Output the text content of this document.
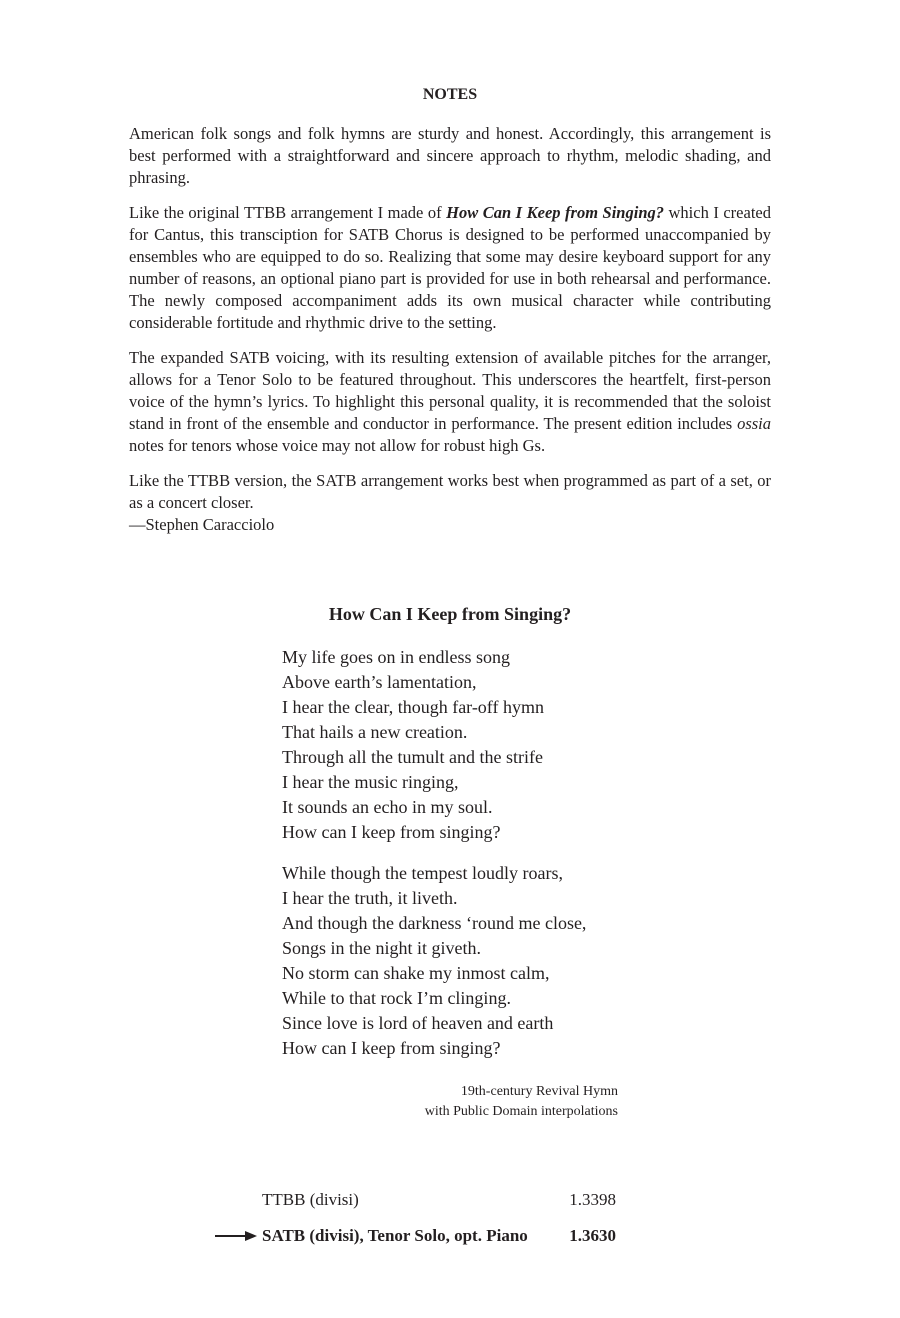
NOTES

American folk songs and folk hymns are sturdy and honest. Accordingly, this arrangement is best performed with a straightforward and sincere approach to rhythm, melodic shading, and phrasing.

Like the original TTBB arrangement I made of How Can I Keep from Singing? which I created for Cantus, this transciption for SATB Chorus is designed to be performed unaccompanied by ensembles who are equipped to do so. Realizing that some may desire keyboard support for any number of reasons, an optional piano part is provided for use in both rehearsal and performance. The newly composed accompaniment adds its own musical character while contributing considerable fortitude and rhythmic drive to the setting.

The expanded SATB voicing, with its resulting extension of available pitches for the arranger, allows for a Tenor Solo to be featured throughout. This underscores the heartfelt, first-person voice of the hymn’s lyrics. To highlight this personal quality, it is recommended that the soloist stand in front of the ensemble and conductor in performance. The present edition includes ossia notes for tenors whose voice may not allow for robust high Gs.

Like the TTBB version, the SATB arrangement works best when programmed as part of a set, or as a concert closer.

—Stephen Caracciolo

How Can I Keep from Singing?
My life goes on in endless song
Above earth’s lamentation,
I hear the clear, though far-off hymn
That hails a new creation.
Through all the tumult and the strife
I hear the music ringing,
It sounds an echo in my soul.
How can I keep from singing?
While though the tempest loudly roars,
I hear the truth, it liveth.
And though the darkness ‘round me close,
Songs in the night it giveth.
No storm can shake my inmost calm,
While to that rock I’m clinging.
Since love is lord of heaven and earth
How can I keep from singing?
19th-century Revival Hymn
with Public Domain interpolations
TTBB (divisi)	1.3398
SATB (divisi), Tenor Solo, opt. Piano 1.3630
